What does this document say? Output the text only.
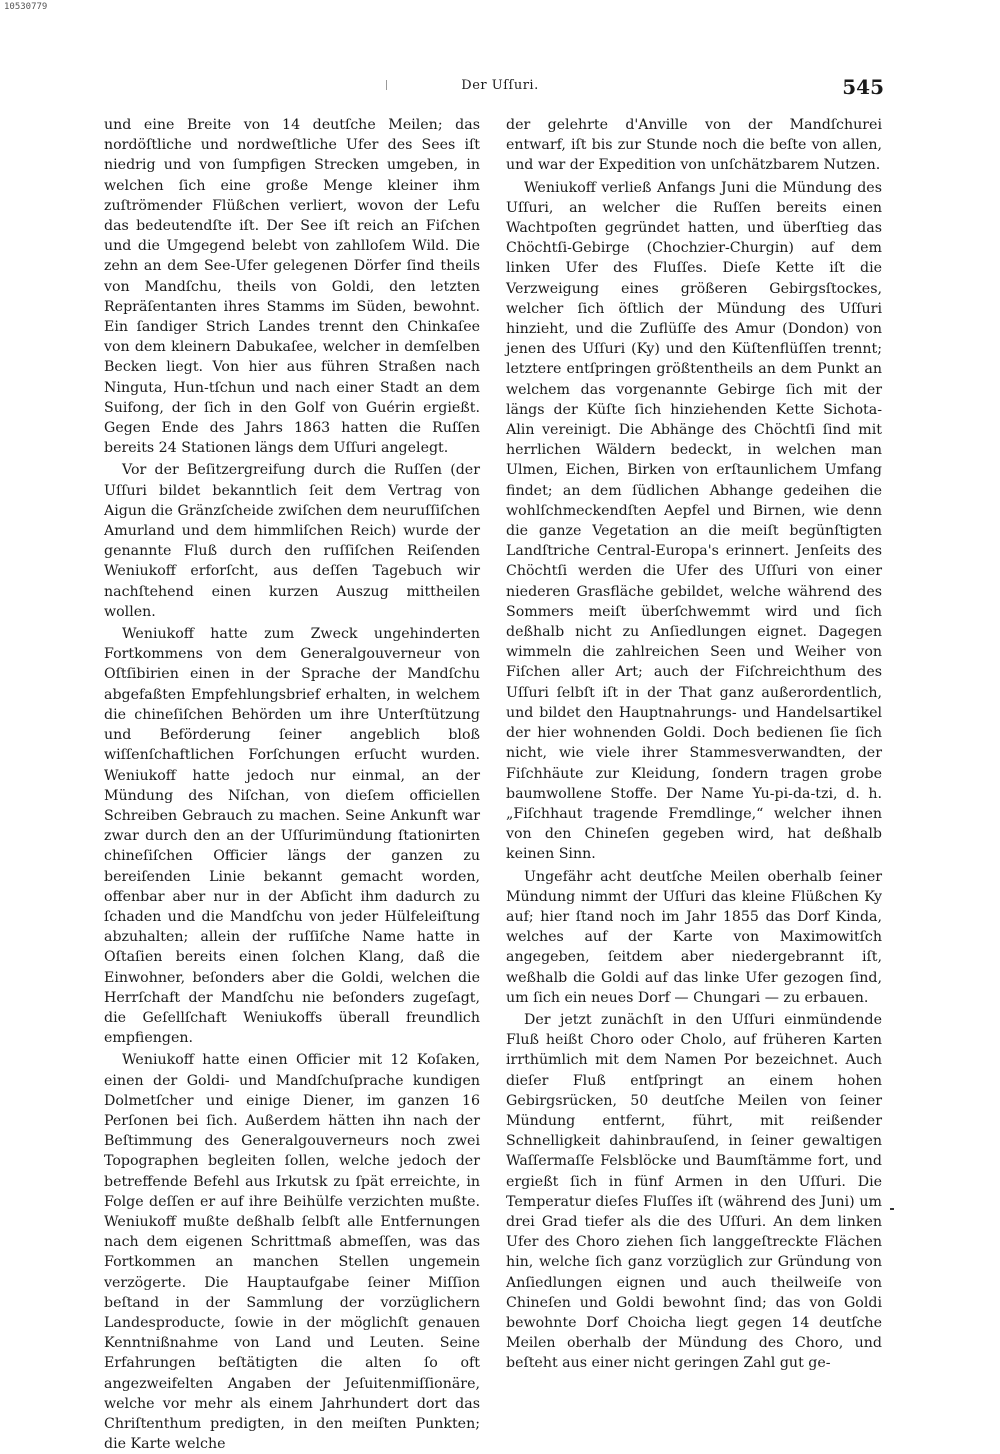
10530779
Der Uſſuri.	545

und eine Breite von 14 deutſche Meilen; das nordöſtliche und nordweſtliche Ufer des Sees iſt niedrig und von ſumpfigen Strecken umgeben, in welchen ſich eine große Menge kleiner ihm zuſtrömender Flüßchen verliert, wovon der Lefu das bedeutendſte iſt. Der See iſt reich an Fiſchen und die Umgegend belebt von zahlloſem Wild. Die zehn an dem See-Ufer gelegenen Dörfer ſind theils von Mandſchu, theils von Goldi, den letzten Repräſentanten ihres Stamms im Süden, bewohnt. Ein ſandiger Strich Landes trennt den Chinkaſee von dem kleinern Dabukaſee, welcher in demſelben Becken liegt. Von hier aus führen Straßen nach Ninguta, Hun-tſchun und nach einer Stadt an dem Suifong, der ſich in den Golf von Guérin ergießt. Gegen Ende des Jahrs 1863 hatten die Ruſſen bereits 24 Stationen längs dem Uſſuri angelegt.

Vor der Beſitzergreifung durch die Ruſſen (der Uſſuri bildet bekanntlich ſeit dem Vertrag von Aigun die Gränzſcheide zwiſchen dem neuruſſiſchen Amurland und dem himmliſchen Reich) wurde der genannte Fluß durch den ruſſiſchen Reiſenden Weniukoff erforſcht, aus deſſen Tagebuch wir nachſtehend einen kurzen Auszug mittheilen wollen.

Weniukoff hatte zum Zweck ungehinderten Fortkommens von dem Generalgouverneur von Oſtſibirien einen in der Sprache der Mandſchu abgefaßten Empfehlungsbrief erhalten, in welchem die chineſiſchen Behörden um ihre Unterſtützung und Beförderung ſeiner angeblich bloß wiſſenſchaftlichen Forſchungen erſucht wurden. Weniukoff hatte jedoch nur einmal, an der Mündung des Niſchan, von dieſem officiellen Schreiben Gebrauch zu machen. Seine Ankunft war zwar durch den an der Uſſurimündung ſtationirten chineſiſchen Officier längs der ganzen zu bereiſenden Linie bekannt gemacht worden, offenbar aber nur in der Abſicht ihm dadurch zu ſchaden und die Mandſchu von jeder Hülfeleiſtung abzuhalten; allein der ruſſiſche Name hatte in Oſtaſien bereits einen ſolchen Klang, daß die Einwohner, beſonders aber die Goldi, welchen die Herrſchaft der Mandſchu nie beſonders zugeſagt, die Geſellſchaft Weniukoffs überall freundlich empfiengen.

Weniukoff hatte einen Officier mit 12 Koſaken, einen der Goldi- und Mandſchuſprache kundigen Dolmetſcher und einige Diener, im ganzen 16 Perſonen bei ſich. Außerdem hätten ihn nach der Beſtimmung des Generalgouverneurs noch zwei Topographen begleiten ſollen, welche jedoch der betreffende Befehl aus Irkutsk zu ſpät erreichte, in Folge deſſen er auf ihre Beihülfe verzichten mußte. Weniukoff mußte deßhalb ſelbſt alle Entfernungen nach dem eigenen Schrittmaß abmeſſen, was das Fortkommen an manchen Stellen ungemein verzögerte. Die Hauptaufgabe ſeiner Miſſion beſtand in der Sammlung der vorzüglichern Landesproducte, ſowie in der möglichſt genauen Kenntnißnahme von Land und Leuten. Seine Erfahrungen beſtätigten die alten ſo oft angezweifelten Angaben der Jeſuitenmiſſionäre, welche vor mehr als einem Jahrhundert dort das Chriſtenthum predigten, in den meiſten Punkten; die Karte welche

der gelehrte d'Anville von der Mandſchurei entwarf, iſt bis zur Stunde noch die beſte von allen, und war der Expedition von unſchätzbarem Nutzen.

Weniukoff verließ Anfangs Juni die Mündung des Uſſuri, an welcher die Ruſſen bereits einen Wachtpoſten gegründet hatten, und überſtieg das Chöchtſi-Gebirge (Chochzier-Churgin) auf dem linken Ufer des Fluſſes. Dieſe Kette iſt die Verzweigung eines größeren Gebirgsſtockes, welcher ſich öſtlich der Mündung des Uſſuri hinzieht, und die Zuflüſſe des Amur (Dondon) von jenen des Uſſuri (Ky) und den Küſtenflüſſen trennt; letztere entſpringen größtentheils an dem Punkt an welchem das vorgenannte Gebirge ſich mit der längs der Küſte ſich hinziehenden Kette Sichota-Alin vereinigt. Die Abhänge des Chöchtſi ſind mit herrlichen Wäldern bedeckt, in welchen man Ulmen, Eichen, Birken von erſtaunlichem Umfang findet; an dem ſüdlichen Abhange gedeihen die wohlſchmeckendſten Aepfel und Birnen, wie denn die ganze Vegetation an die meiſt begünſtigten Landſtriche Central-Europa's erinnert. Jenſeits des Chöchtſi werden die Ufer des Uſſuri von einer niederen Grasfläche gebildet, welche während des Sommers meiſt überſchwemmt wird und ſich deßhalb nicht zu Anſiedlungen eignet. Dagegen wimmeln die zahlreichen Seen und Weiher von Fiſchen aller Art; auch der Fiſchreichthum des Uſſuri ſelbſt iſt in der That ganz außerordentlich, und bildet den Hauptnahrungs- und Handelsartikel der hier wohnenden Goldi. Doch bedienen ſie ſich nicht, wie viele ihrer Stammesverwandten, der Fiſchhäute zur Kleidung, ſondern tragen grobe baumwollene Stoffe. Der Name Yu-pi-da-tzi, d. h. „Fiſchhaut tragende Fremdlinge,“ welcher ihnen von den Chineſen gegeben wird, hat deßhalb keinen Sinn.

Ungefähr acht deutſche Meilen oberhalb ſeiner Mündung nimmt der Uſſuri das kleine Flüßchen Ky auf; hier ſtand noch im Jahr 1855 das Dorf Kinda, welches auf der Karte von Maximowitſch angegeben, ſeitdem aber niedergebrannt iſt, weßhalb die Goldi auf das linke Ufer gezogen ſind, um ſich ein neues Dorf — Chungari — zu erbauen.

Der jetzt zunächſt in den Uſſuri einmündende Fluß heißt Choro oder Cholo, auf früheren Karten irrthümlich mit dem Namen Por bezeichnet. Auch dieſer Fluß entſpringt an einem hohen Gebirgsrücken, 50 deutſche Meilen von ſeiner Mündung entfernt, führt, mit reißender Schnelligkeit dahinbrauſend, in ſeiner gewaltigen Waſſermaſſe Felsblöcke und Baumſtämme fort, und ergießt ſich in fünf Armen in den Uſſuri. Die Temperatur dieſes Fluſſes iſt (während des Juni) um drei Grad tiefer als die des Uſſuri. An dem linken Ufer des Choro ziehen ſich langgeſtreckte Flächen hin, welche ſich ganz vorzüglich zur Gründung von Anſiedlungen eignen und auch theilweiſe von Chineſen und Goldi bewohnt ſind; das von Goldi bewohnte Dorf Choicha liegt gegen 14 deutſche Meilen oberhalb der Mündung des Choro, und beſteht aus einer nicht geringen Zahl gut ge-
